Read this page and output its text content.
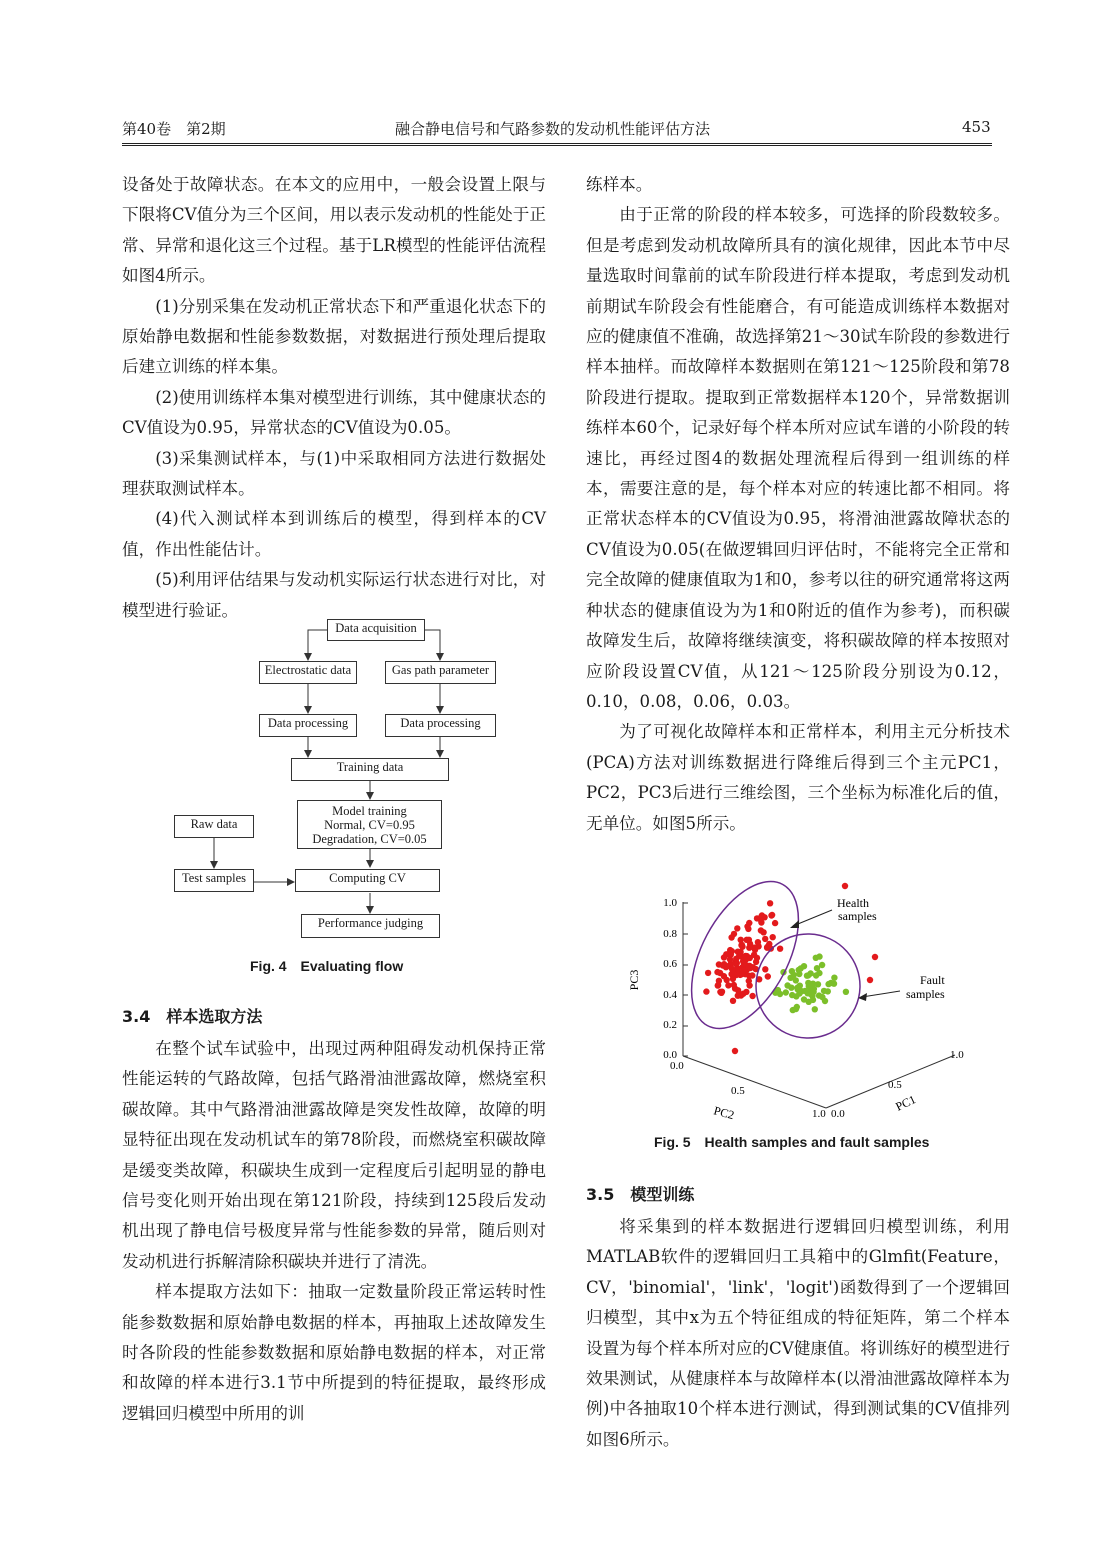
第40卷　第2期	融合静电信号和气路参数的发动机性能评估方法	453

设备处于故障状态。在本文的应用中，一般会设置上限与下限将CV值分为三个区间，用以表示发动机的性能处于正常、异常和退化这三个过程。基于LR模型的性能评估流程如图4所示。

(1)分别采集在发动机正常状态下和严重退化状态下的原始静电数据和性能参数数据，对数据进行预处理后提取后建立训练的样本集。

(2)使用训练样本集对模型进行训练，其中健康状态的CV值设为0.95，异常状态的CV值设为0.05。

(3)采集测试样本，与(1)中采取相同方法进行数据处理获取测试样本。

(4)代入测试样本到训练后的模型，得到样本的CV值，作出性能估计。

(5)利用评估结果与发动机实际运行状态进行对比，对模型进行验证。

Data acquisition
Electrostatic data	Gas path parameter
Data processing	Data processing
Training data
Model training
Normal, CV=0.95
Degradation, CV=0.05
Raw data
Test samples	Computing CV
Performance judging
Fig. 4　Evaluating flow

3.4　样本选取方法

在整个试车试验中，出现过两种阻碍发动机保持正常性能运转的气路故障，包括气路滑油泄露故障，燃烧室积碳故障。其中气路滑油泄露故障是突发性故障，故障的明显特征出现在发动机试车的第78阶段，而燃烧室积碳故障是缓变类故障，积碳块生成到一定程度后引起明显的静电信号变化则开始出现在第121阶段，持续到125段后发动机出现了静电信号极度异常与性能参数的异常，随后则对发动机进行拆解清除积碳块并进行了清洗。

样本提取方法如下：抽取一定数量阶段正常运转时性能参数数据和原始静电数据的样本，再抽取上述故障发生时各阶段的性能参数数据和原始静电数据的样本，对正常和故障的样本进行3.1节中所提到的特征提取，最终形成逻辑回归模型中所用的训

练样本。

由于正常的阶段的样本较多，可选择的阶段数较多。但是考虑到发动机故障所具有的演化规律，因此本节中尽量选取时间靠前的试车阶段进行样本提取，考虑到发动机前期试车阶段会有性能磨合，有可能造成训练样本数据对应的健康值不准确，故选择第21～30试车阶段的参数进行样本抽样。而故障样本数据则在第121～125阶段和第78阶段进行提取。提取到正常数据样本120个，异常数据训练样本60个，记录好每个样本所对应试车谱的小阶段的转速比，再经过图4的数据处理流程后得到一组训练的样本，需要注意的是，每个样本对应的转速比都不相同。将正常状态样本的CV值设为0.95，将滑油泄露故障状态的CV值设为0.05(在做逻辑回归评估时，不能将完全正常和完全故障的健康值取为1和0，参考以往的研究通常将这两种状态的健康值设为为1和0附近的值作为参考)，而积碳故障发生后，故障将继续演变，将积碳故障的样本按照对应阶段设置CV值，从121～125阶段分别设为0.12，0.10，0.08，0.06，0.03。

为了可视化故障样本和正常样本，利用主元分析技术(PCA)方法对训练数据进行降维后得到三个主元PC1，PC2，PC3后进行三维绘图，三个坐标为标准化后的值，无单位。如图5所示。

Health
samples
Fault
samples
PC3
PC2	PC1
1.0
0.8
0.6
0.4
0.2
0.0
0.0
0.5
1.0 0.0
0.5
1.0
Fig. 5　Health samples and fault samples

3.5　模型训练

将采集到的样本数据进行逻辑回归模型训练，利用MATLAB软件的逻辑回归工具箱中的Glmfit(Feature，CV，'binomial'，'link'，'logit')函数得到了一个逻辑回归模型，其中x为五个特征组成的特征矩阵，第二个样本设置为每个样本所对应的CV健康值。将训练好的模型进行效果测试，从健康样本与故障样本(以滑油泄露故障样本为例)中各抽取10个样本进行测试，得到测试集的CV值排列如图6所示。
